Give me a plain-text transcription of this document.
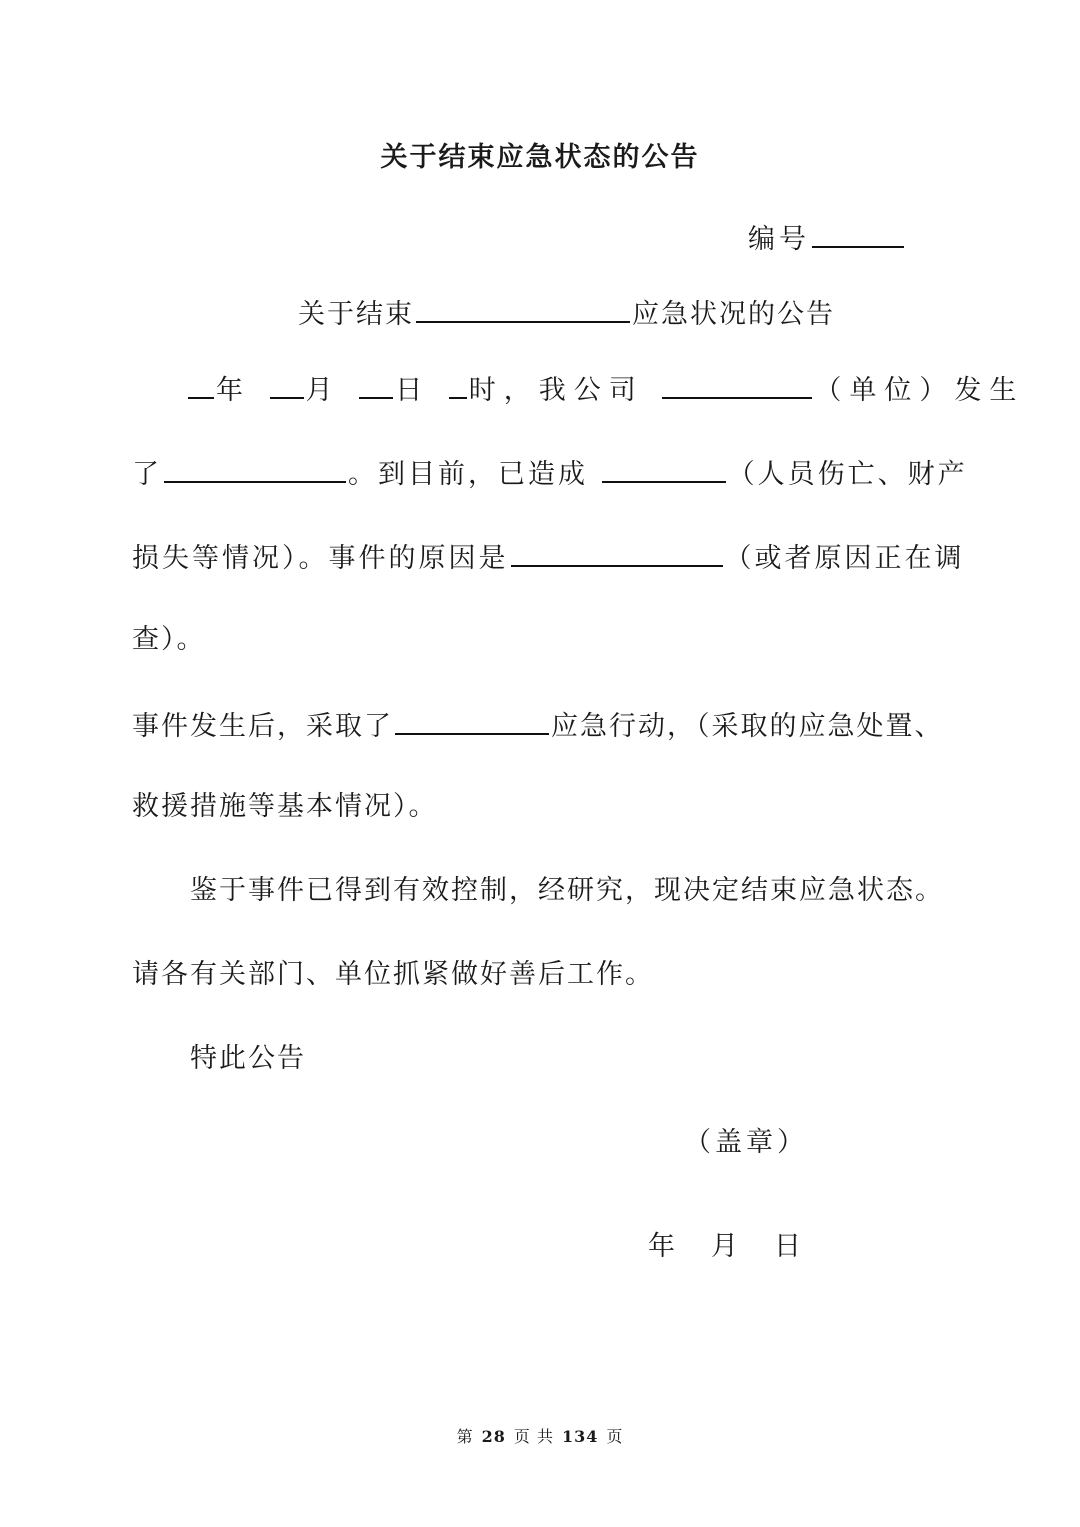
关于结束应急状态的公告
编号
关于结束	应急状况的公告
年 月 日 时，我公司	（单位）发生
了	。到目前，已造成	（人员伤亡、财产
损失等情况）。事件的原因是	（或者原因正在调
查）。
事件发生后，采取了	应急行动，（采取的应急处置、
救援措施等基本情况）。
鉴于事件已得到有效控制，经研究，现决定结束应急状态。
请各有关部门、单位抓紧做好善后工作。
特此公告
（盖章）
年 月 日
第 28 页 共 134 页
